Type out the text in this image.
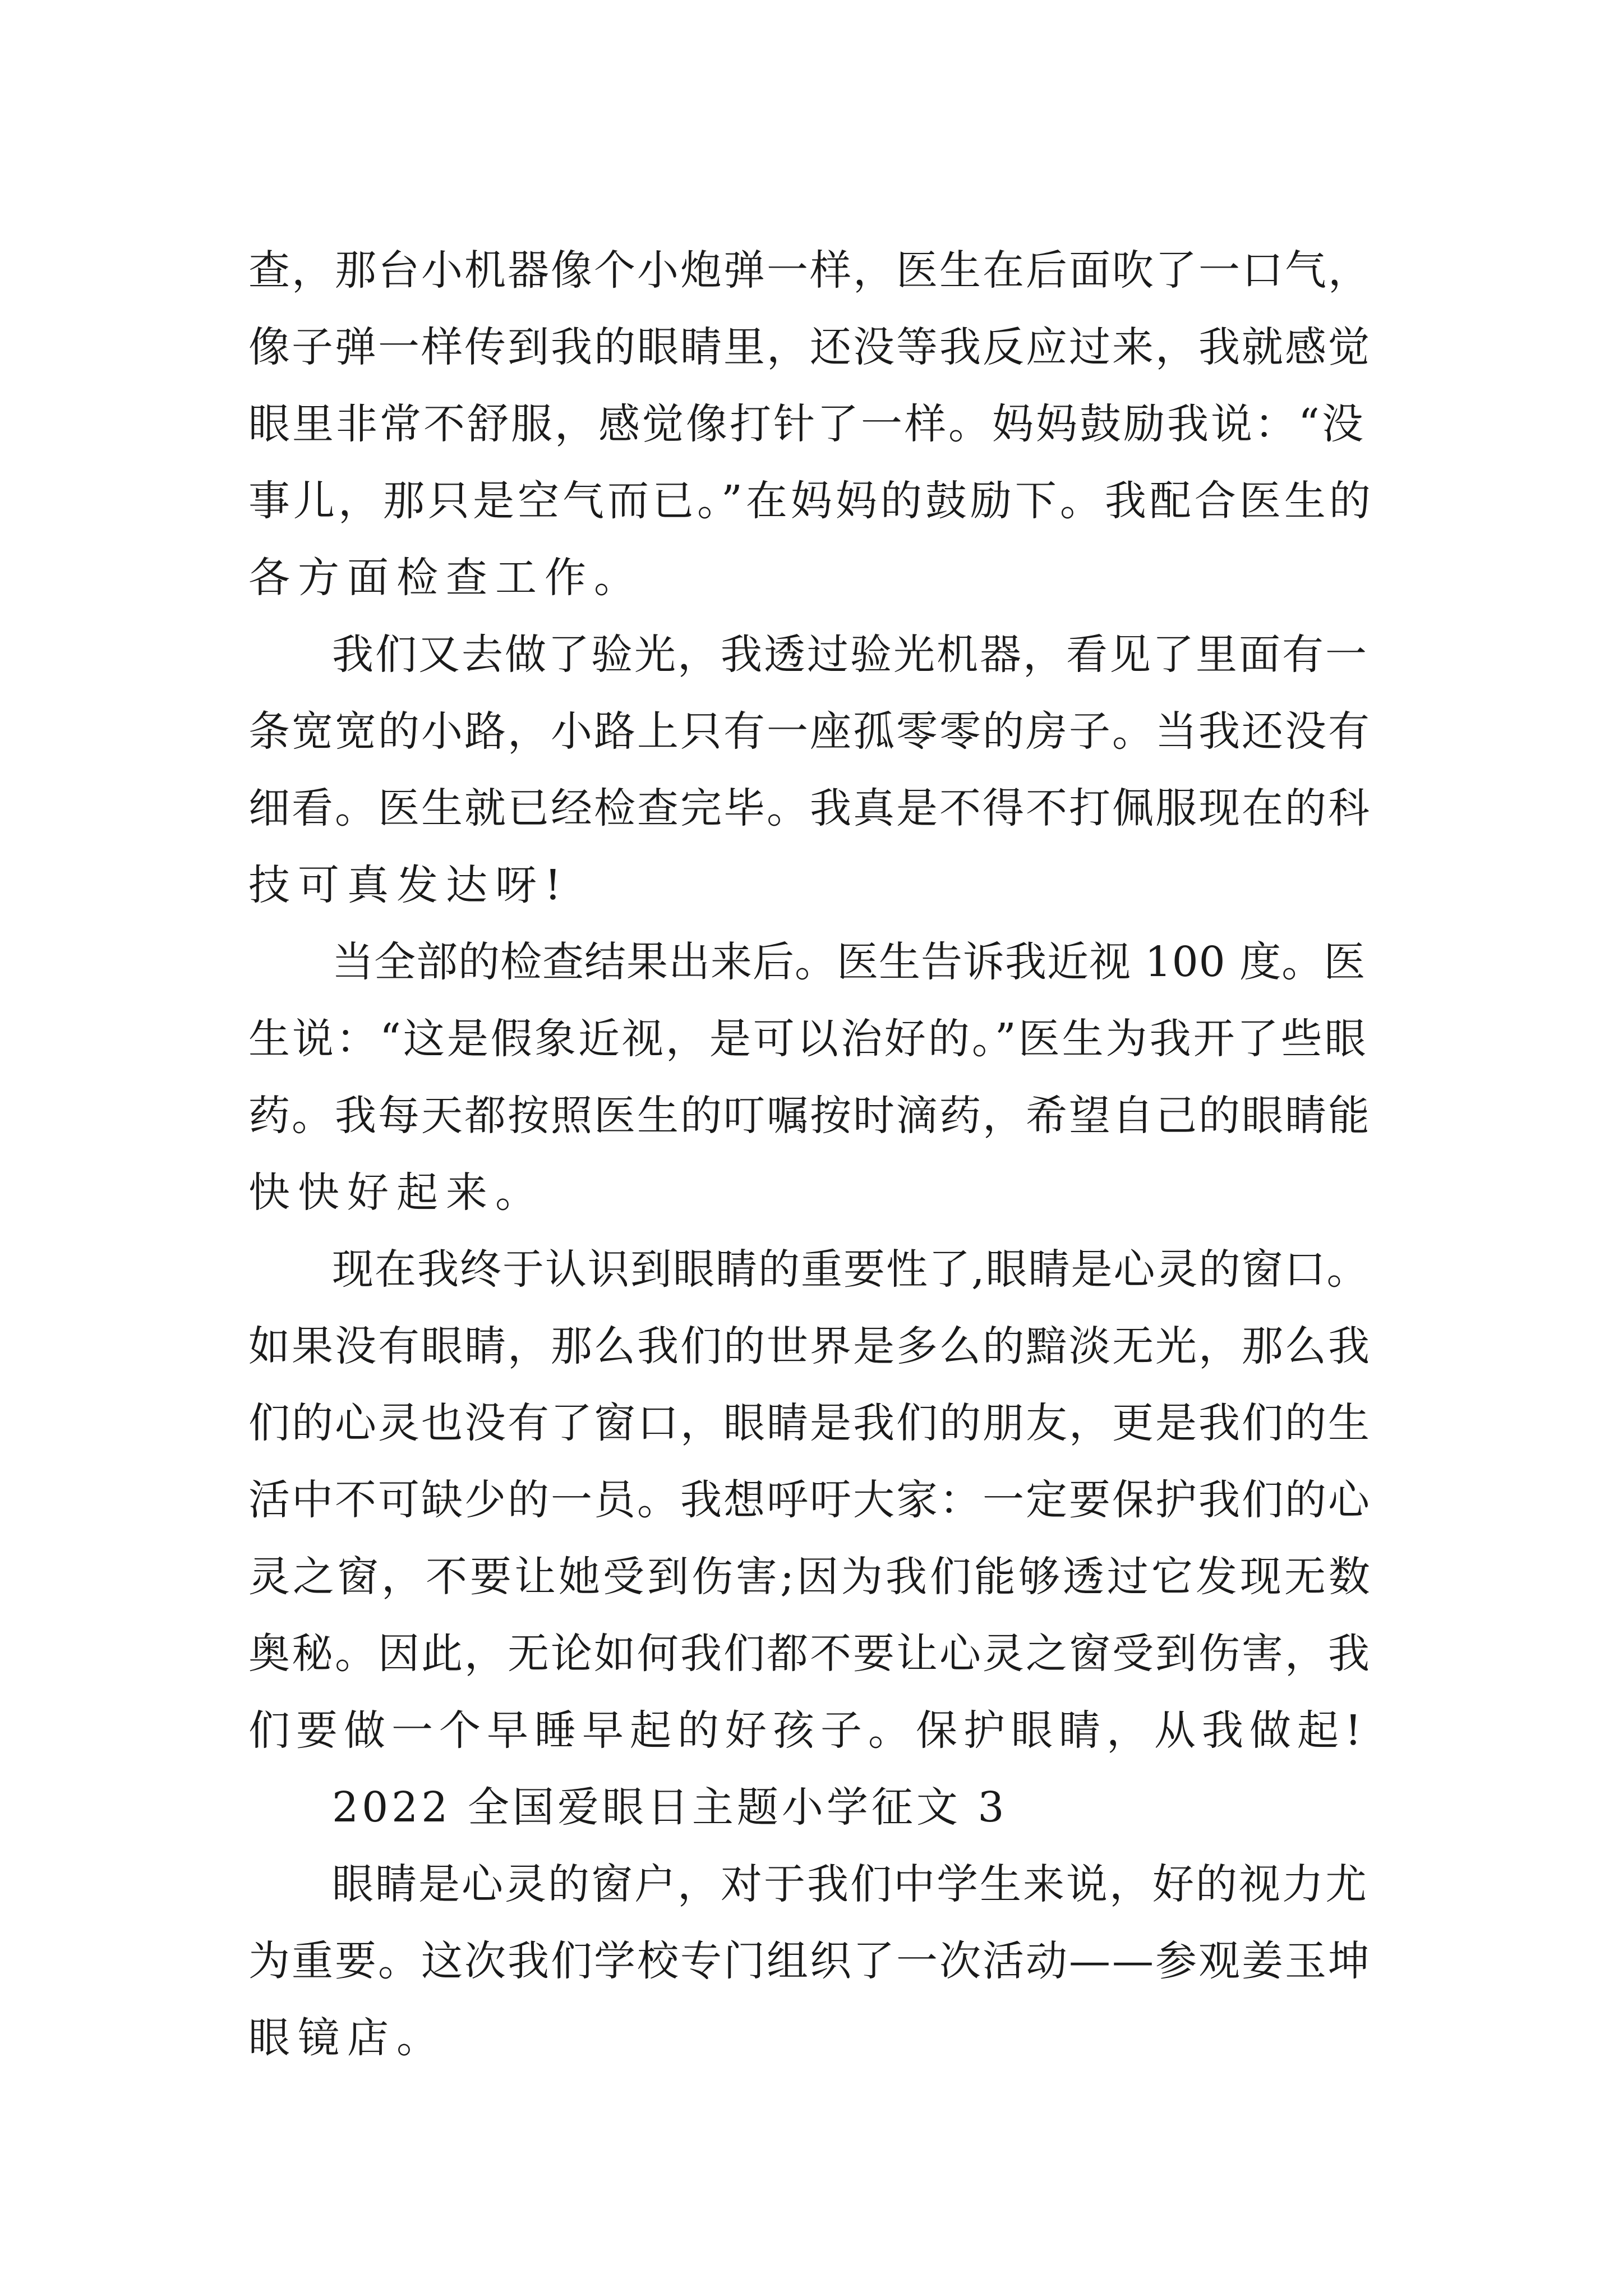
查，那台小机器像个小炮弹一样，医生在后面吹了一口气，
像子弹一样传到我的眼睛里，还没等我反应过来，我就感觉
眼里非常不舒服，感觉像打针了一样。妈妈鼓励我说：“没
事儿，那只是空气而已。”在妈妈的鼓励下。我配合医生的
各方面检查工作。
我们又去做了验光，我透过验光机器，看见了里面有一
条宽宽的小路，小路上只有一座孤零零的房子。当我还没有
细看。医生就已经检查完毕。我真是不得不打佩服现在的科
技可真发达呀!
当全部的检查结果出来后。医生告诉我近视 100 度。医
生说：“这是假象近视，是可以治好的。”医生为我开了些眼
药。我每天都按照医生的叮嘱按时滴药，希望自己的眼睛能
快快好起来。
现在我终于认识到眼睛的重要性了,眼睛是心灵的窗口。
如果没有眼睛，那么我们的世界是多么的黯淡无光，那么我
们的心灵也没有了窗口，眼睛是我们的朋友，更是我们的生
活中不可缺少的一员。我想呼吁大家：一定要保护我们的心
灵之窗，不要让她受到伤害;因为我们能够透过它发现无数
奥秘。因此，无论如何我们都不要让心灵之窗受到伤害，我
们要做一个早睡早起的好孩子。保护眼睛，从我做起!
2022 全国爱眼日主题小学征文 3
眼睛是心灵的窗户，对于我们中学生来说，好的视力尤
为重要。这次我们学校专门组织了一次活动——参观姜玉坤
眼镜店。
